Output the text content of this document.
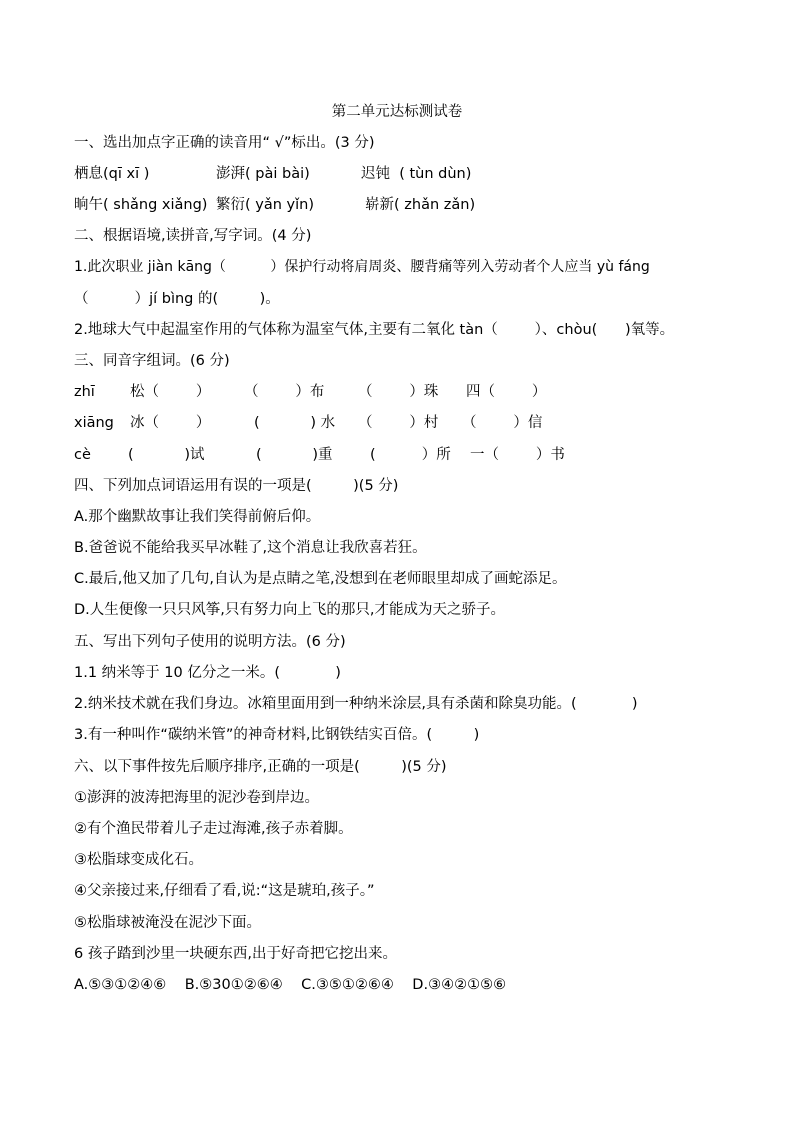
第二单元达标测试卷
一、选出加点字正确的读音用“ √”标出。(3 分)
栖息(qī xī )	澎湃( pài bài)	迟钝  ( tùn dùn)
晌午( shǎng xiǎng) 繁衍( yǎn yǐn)	崭新( zhǎn zǎn)
二、根据语境,读拼音,写字词。(4 分)
1.此次职业 jiàn kāng（          ）保护行动将肩周炎、腰背痛等列入劳动者个人应当 yù fáng
（          ）jí bìng 的(         )。
2.地球大气中起温室作用的气体称为温室气体,主要有二氧化 tàn（        ）、chòu(      )氧等。
三、同音字组词。(6 分)
zhī 松（        ） （        ）布 （        ）珠 四（        ）
xiāng 冰（        ）	(           ) 水 （        ）村 （        ）信
cè	(           )试	(           )重	(          ）所 一（        ）书
四、下列加点词语运用有误的一项是(         )(5 分)
A.那个幽默故事让我们笑得前俯后仰。
B.爸爸说不能给我买早冰鞋了,这个消息让我欣喜若狂。
C.最后,他又加了几句,自认为是点睛之笔,没想到在老师眼里却成了画蛇添足。
D.人生便像一只只风筝,只有努力向上飞的那只,才能成为天之骄子。
五、写出下列句子使用的说明方法。(6 分)
1.1 纳米等于 10 亿分之一米。(            )
2.纳米技术就在我们身边。冰箱里面用到一种纳米涂层,具有杀菌和除臭功能。(            )
3.有一种叫作“碳纳米管”的神奇材料,比钢铁结实百倍。(         )
六、以下事件按先后顺序排序,正确的一项是(         )(5 分)
①澎湃的波涛把海里的泥沙卷到岸边。
②有个渔民带着儿子走过海滩,孩子赤着脚。
③松脂球变成化石。
④父亲接过来,仔细看了看,说:“这是琥珀,孩子。”
⑤松脂球被淹没在泥沙下面。
6 孩子踏到沙里一块硬东西,出于好奇把它挖出来。
A.⑤③①②④⑥    B.⑤30①②⑥④    C.③⑤①②⑥④    D.③④②①⑤⑥
